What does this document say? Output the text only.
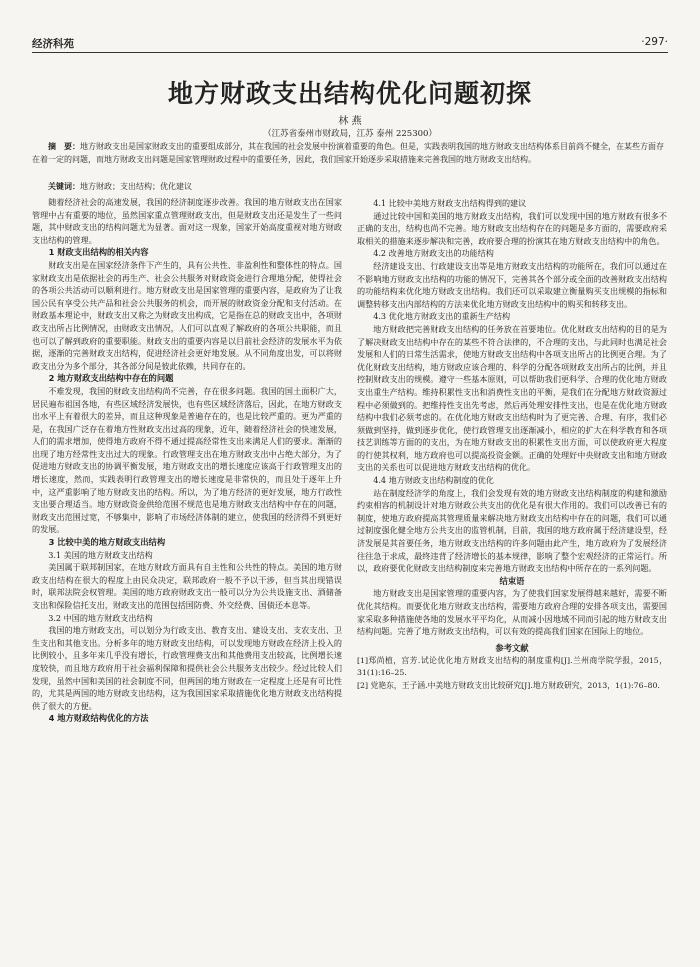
经济科苑	·297·
地方财政支出结构优化问题初探
林 燕
（江苏省泰州市财政局，江苏 泰州 225300）
摘　要：地方财政支出是国家财政支出的重要组成部分，其在我国的社会发展中扮演着重要的角色。但是，实践表明我国的地方财政支出结构体系目前尚不健全，在某些方面存在着一定的问题，而地方财政支出问题是国家管理财政过程中的重要任务，因此，我们国家开始逐步采取措施来完善我国的地方财政支出结构。
关键词：地方财政；支出结构；优化建议

随着经济社会的高速发展，我国的经济制度逐步改善。我国的地方财政支出在国家管理中占有重要的地位，虽然国家重点管理财政支出，但是财政支出还是发生了一些问题，其中财政支出的结构问题尤为显著。面对这一现象，国家开始高度重视对地方财政支出结构的管理。

1 财政支出结构的相关内容

财政支出是在国家经济条件下产生的，具有公共性、非盈利性和整体性的特点。国家财政支出是依据社会的再生产、社会公共服务对财政资金进行合理地分配，使得社会的各项公共活动可以顺利进行。地方财政支出是国家管理的重要内容，是政府为了让我国公民有享受公共产品和社会公共服务的机会，而开展的财政资金分配和支付活动。在财政基本理论中，财政支出又称之为财政支出构成，它是指在总的财政支出中，各项财政支出所占比例情况，由财政支出情况，人们可以直观了解政府的各项公共职能，而且也可以了解到政府的重要职能。财政支出的重要内容是以目前社会经济的发展水平为依据，逐渐的完善财政支出结构，促进经济社会更好地发展。从不同角度出发，可以将财政支出分为多个部分，其各部分间是彼此依赖，共同存在的。

2 地方财政支出结构中存在的问题

不难发现，我国的财政支出结构尚不完善，存在很多问题。我国的国土面积广大，居民遍布祖国各地，有些区域经济发展快，也有些区域经济落后，因此，在地方财政支出水平上有着很大的差异，而且这种现象是普遍存在的，也是比较严重的。更为严重的是，在我国广泛存在着地方性财政支出过高的现象，近年，随着经济社会的快速发展，人们的需求增加，使得地方政府不得不通过提高经常性支出来满足人们的要求。渐渐的出现了地方经常性支出过大的现象。行政管理支出在地方财政支出中占绝大部分，为了促进地方财政支出的协调平衡发展，地方财政支出的增长速度应该高于行政管理支出的增长速度，然而，实践表明行政管理支出的增长速度是非常快的，而且处于逐年上升中，这严重影响了地方财政支出的结构。所以，为了地方经济的更好发展，地方行政性支出要合理适当。地方财政资金供给范围不规范也是地方财政支出结构中存在的问题，财政支出范围过宽，不够集中，影响了市场经济体制的建立，使我国的经济得不到更好的发展。

3 比较中美的地方财政支出结构
3.1 美国的地方财政支出结构

美国属于联邦制国家，在地方财政方面具有自主性和公共性的特点。美国的地方财政支出结构在很大的程度上由民众决定，联邦政府一般不予以干涉，但当其出现错误时，联邦法院会权管理。美国的地方政府财政支出一般可以分为公共设施支出、酒储备支出和保险信托支出，财政支出的范围包括国防费、外交经费、国债还本息等。

3.2 中国的地方财政支出结构

我国的地方财政支出，可以划分为行政支出、教育支出、建设支出、支农支出、卫生支出和其他支出。分析多年的地方财政支出结构，可以发现地方财政在经济上投入的比例较小，且多年来几乎没有增长，行政管理费支出和其他费用支出较高，比例增长速度较快，而且地方政府用于社会福利保障和提供社会公共服务支出较少。经过比较人们发现，虽然中国和美国的社会制度不同，但两国的地方财政在一定程度上还是有可比性的，尤其是两国的地方财政支出结构，这为我国国家采取措施优化地方财政支出结构提供了很大的方便。

4 地方财政结构优化的方法
4.1 比较中美地方财政支出结构得到的建议

通过比较中国和美国的地方财政支出结构，我们可以发现中国的地方财政有很多不正确的支出，结构也尚不完善。地方财政支出结构存在的问题是多方面的，需要政府采取相关的措施来逐步解决和完善，政府要合理的扮演其在地方财政支出结构中的角色。

4.2 改善地方财政支出的功能结构

经济建设支出、行政建设支出等是地方财政支出结构的功能所在，我们可以通过在不影响地方财政支出结构的功能的情况下，完善其各个部分或全面的改善财政支出结构的功能结构来优化地方财政支出结构。我们还可以采取建立衡量购买支出规模的指标和调整转移支出内部结构的方法来优化地方财政支出结构中的购买和转移支出。

4.3 优化地方财政支出的重新生产结构

地方财政把完善财政支出结构的任务放在首要地位。优化财政支出结构的目的是为了解决财政支出结构中存在的某些不符合法律的，不合理的支出，与此同时也满足社会发展和人们的日常生活需求，使地方财政支出结构中各项支出所占的比例更合理。为了优化财政支出结构，地方财政应该合理的、科学的分配各项财政支出所占的比例，并且控制财政支出的规模。遵守一些基本原则，可以帮助我们更科学、合理的优化地方财政支出重生产结构。维持积累性支出和消费性支出的平衡，是我们在分配地方财政资源过程中必须做到的。把维持性支出先考虑，然后再处理安排性支出，也是在优化地方财政结构中我们必须考虑的。在优化地方财政支出结构时为了更完善、合理、有序，我们必须做到坚持，做到逐步优化，使行政管理支出逐渐减小，相应的扩大在科学教育和各项技艺训练等方面的的支出，为在地方财政支出的积累性支出方面，可以使政府更大程度的行使其权利，地方政府也可以提高投资金额。正确的处理好中央财政支出和地方财政支出的关系也可以促进地方财政支出结构的优化。

4.4 地方财政支出结构制度的优化

站在制度经济学的角度上，我们会发现有效的地方财政支出结构制度的构建和激励约束相容的机制设计对地方财政公共支出的优化是有很大作用的。我们可以改善已有的制度，使地方政府提高其管理质量来解决地方财政支出结构中存在的问题，我们可以通过制度强化健全地方公共支出的监管机制，目前，我国的地方政府属于经济建设型，经济发展是其首要任务，地方财政支出结构的许多问题由此产生，地方政府为了发展经济往往急于求成，最终违背了经济增长的基本规律，影响了整个宏观经济的正常运行。所以，政府要优化财政支出结构制度来完善地方财政支出结构中所存在的一系列问题。

结束语

地方财政支出是国家管理的重要内容，为了使我们国家发展得越来越好，需要不断优化其结构。而要优化地方财政支出结构，需要地方政府合理的安排各项支出，需要国家采取多种措施使各地的发展水平平均化，从而减小因地域不同而引起的地方财政支出结构问题。完善了地方财政支出结构，可以有效的提高我们国家在国际上的地位。

参考文献

[1]郑尚植，宫芳.试论优化地方财政支出结构的制度重构[J].兰州商学院学报，2015，31(1):16–25.

[2] 党艳东，王子涵.中美地方财政支出比较研究[J].地方财政研究，2013，1(1):76–80.
